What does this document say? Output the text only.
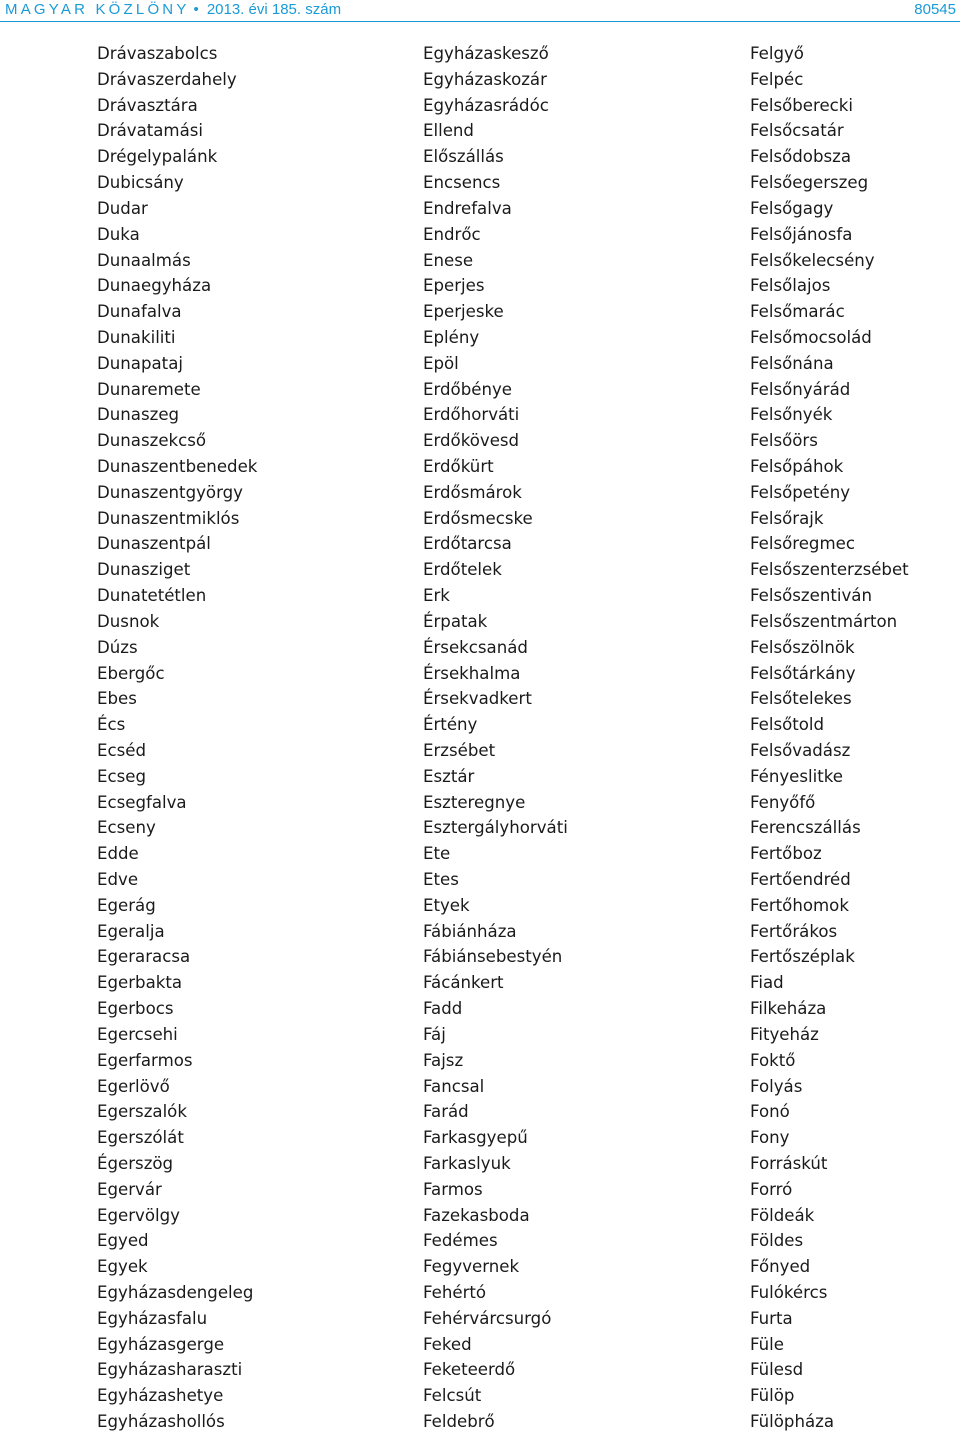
MAGYAR KÖZLÖNY • 2013. évi 185. szám	80545
Drávaszabolcs
Drávaszerdahely
Drávasztára
Drávatamási
Drégelypalánk
Dubicsány
Dudar
Duka
Dunaalmás
Dunaegyháza
Dunafalva
Dunakiliti
Dunapataj
Dunaremete
Dunaszeg
Dunaszekcső
Dunaszentbenedek
Dunaszentgyörgy
Dunaszentmiklós
Dunaszentpál
Dunasziget
Dunatetétlen
Dusnok
Dúzs
Ebergőc
Ebes
Écs
Ecséd
Ecseg
Ecsegfalva
Ecseny
Edde
Edve
Egerág
Egeralja
Egeraracsa
Egerbakta
Egerbocs
Egercsehi
Egerfarmos
Egerlövő
Egerszalók
Egerszólát
Égerszög
Egervár
Egervölgy
Egyed
Egyek
Egyházasdengeleg
Egyházasfalu
Egyházasgerge
Egyházasharaszti
Egyházashetye
Egyházashollós
Egyházaskesző
Egyházaskozár
Egyházasrádóc
Ellend
Előszállás
Encsencs
Endrefalva
Endrőc
Enese
Eperjes
Eperjeske
Eplény
Epöl
Erdőbénye
Erdőhorváti
Erdőkövesd
Erdőkürt
Erdősmárok
Erdősmecske
Erdőtarcsa
Erdőtelek
Erk
Érpatak
Érsekcsanád
Érsekhalma
Érsekvadkert
Értény
Erzsébet
Esztár
Eszteregnye
Esztergályhorváti
Ete
Etes
Etyek
Fábiánháza
Fábiánsebestyén
Fácánkert
Fadd
Fáj
Fajsz
Fancsal
Farád
Farkasgyepű
Farkaslyuk
Farmos
Fazekasboda
Fedémes
Fegyvernek
Fehértó
Fehérvárcsurgó
Feked
Feketeerdő
Felcsút
Feldebrő
Felgyő
Felpéc
Felsőberecki
Felsőcsatár
Felsődobsza
Felsőegerszeg
Felsőgagy
Felsőjánosfa
Felsőkelecsény
Felsőlajos
Felsőmarác
Felsőmocsolád
Felsőnána
Felsőnyárád
Felsőnyék
Felsőörs
Felsőpáhok
Felsőpetény
Felsőrajk
Felsőregmec
Felsőszenterzsébet
Felsőszentiván
Felsőszentmárton
Felsőszölnök
Felsőtárkány
Felsőtelekes
Felsőtold
Felsővadász
Fényeslitke
Fenyőfő
Ferencszállás
Fertőboz
Fertőendréd
Fertőhomok
Fertőrákos
Fertőszéplak
Fiad
Filkeháza
Fityeház
Foktő
Folyás
Fonó
Fony
Forráskút
Forró
Földeák
Földes
Főnyed
Fulókércs
Furta
Füle
Fülesd
Fülöp
Fülöpháza
